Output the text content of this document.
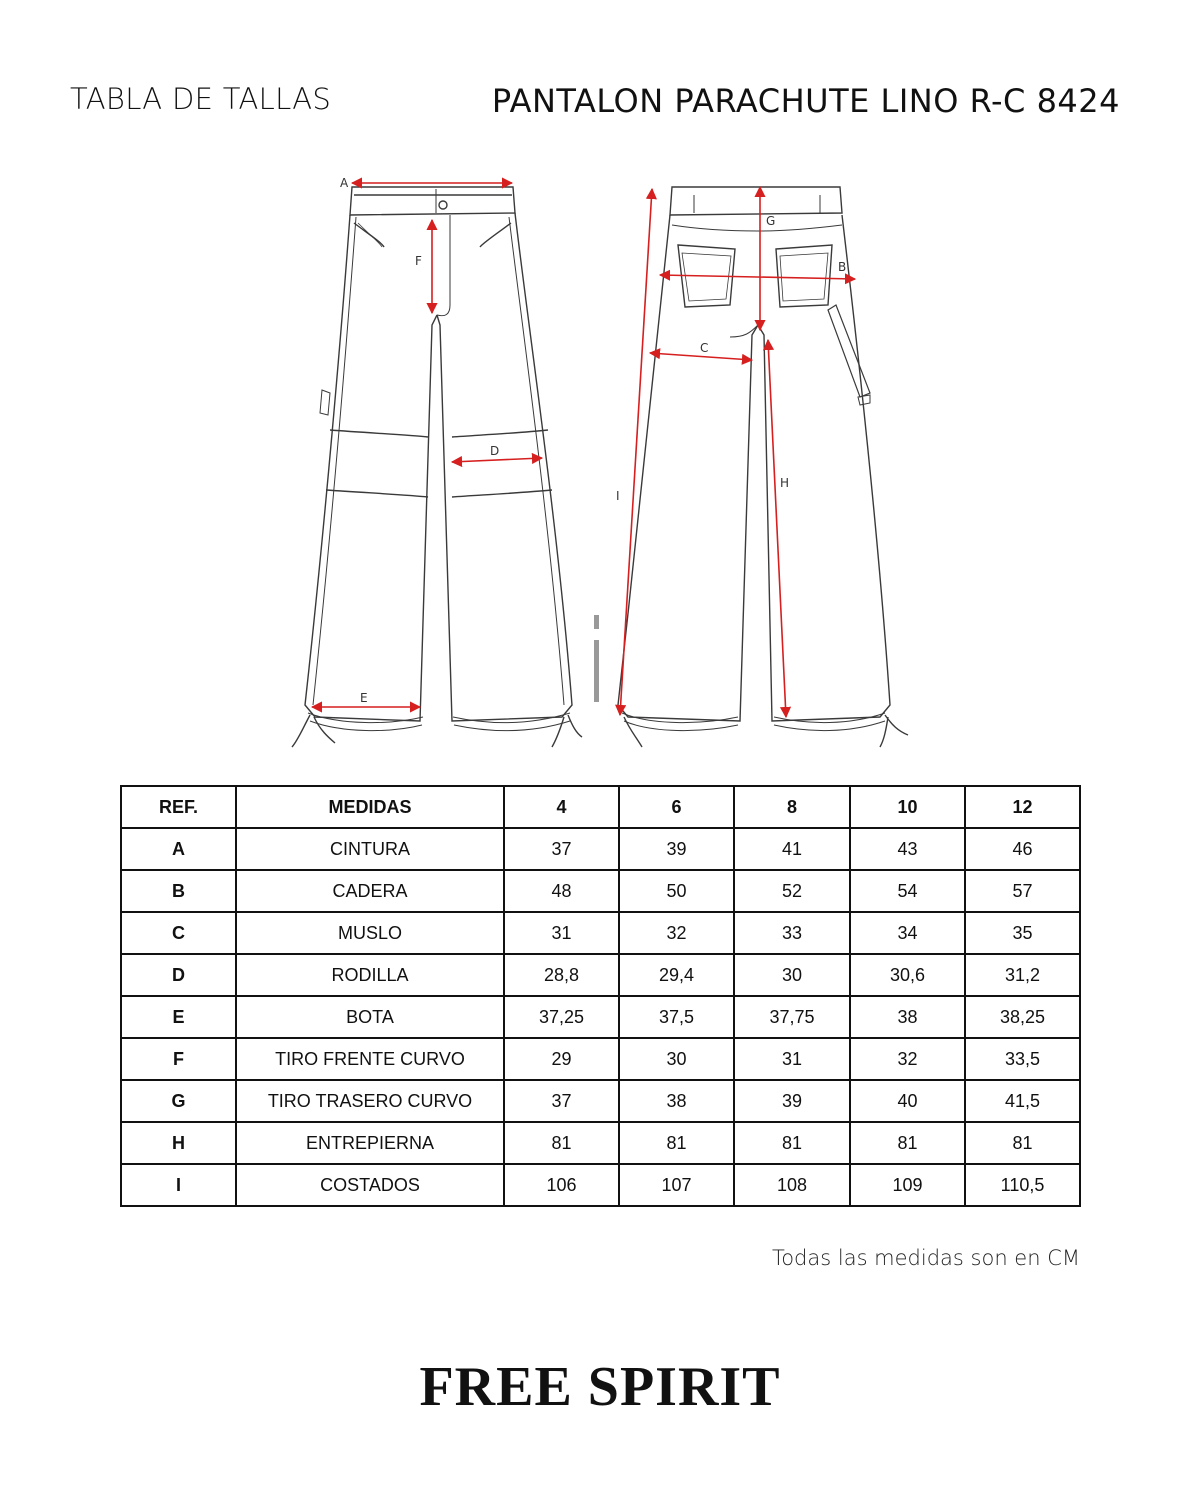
TABLA DE TALLAS	PANTALON PARACHUTE LINO R-C 8424
A
F
D
E
G
B
C
H
I
REF.	MEDIDAS	4	6	8	10	12
A	CINTURA	37	39	41	43	46
B	CADERA	48	50	52	54	57
C	MUSLO	31	32	33	34	35
D	RODILLA	28,8	29,4	30	30,6	31,2
E	BOTA	37,25	37,5	37,75	38	38,25
F	TIRO FRENTE CURVO	29	30	31	32	33,5
G	TIRO TRASERO CURVO	37	38	39	40	41,5
H	ENTREPIERNA	81	81	81	81	81
I	COSTADOS	106	107	108	109	110,5
Todas las medidas son en CM
FREE SPIRIT
